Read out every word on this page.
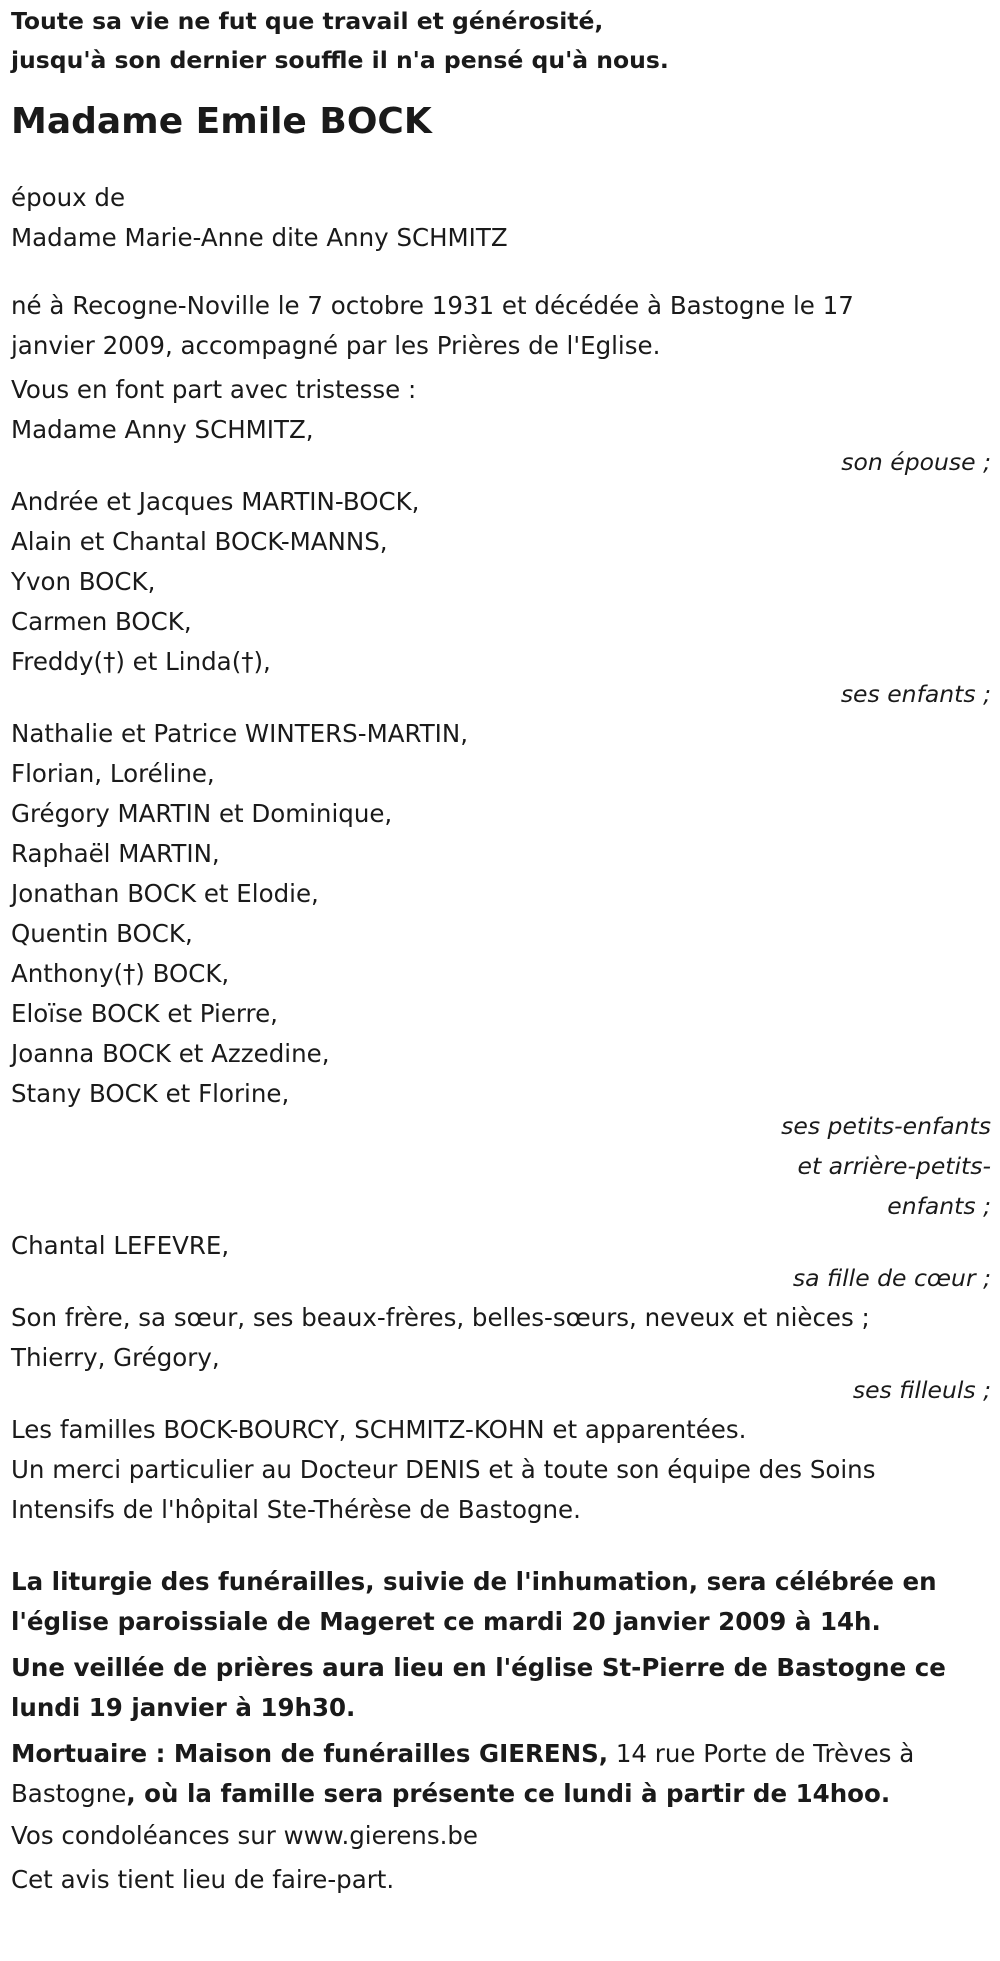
Toute sa vie ne fut que travail et générosité,
jusqu'à son dernier souffle il n'a pensé qu'à nous.
Madame Emile BOCK
époux de
Madame Marie-Anne dite Anny SCHMITZ
né à Recogne-Noville le 7 octobre 1931 et décédée à Bastogne le 17
janvier 2009, accompagné par les Prières de l'Eglise.
Vous en font part avec tristesse :
Madame Anny SCHMITZ,
son épouse ;
Andrée et Jacques MARTIN-BOCK,
Alain et Chantal BOCK-MANNS,
Yvon BOCK,
Carmen BOCK,
Freddy(†) et Linda(†),
ses enfants ;
Nathalie et Patrice WINTERS-MARTIN,
Florian, Loréline,
Grégory MARTIN et Dominique,
Raphaël MARTIN,
Jonathan BOCK et Elodie,
Quentin BOCK,
Anthony(†) BOCK,
Eloïse BOCK et Pierre,
Joanna BOCK et Azzedine,
Stany BOCK et Florine,
ses petits-enfants
et arrière-petits-
enfants ;
Chantal LEFEVRE,
sa fille de cœur ;
Son frère, sa sœur, ses beaux-frères, belles-sœurs, neveux et nièces ;
Thierry, Grégory,
ses filleuls ;
Les familles BOCK-BOURCY, SCHMITZ-KOHN et apparentées.
Un merci particulier au Docteur DENIS et à toute son équipe des Soins
Intensifs de l'hôpital Ste-Thérèse de Bastogne.
La liturgie des funérailles, suivie de l'inhumation, sera célébrée en
l'église paroissiale de Mageret ce mardi 20 janvier 2009 à 14h.
Une veillée de prières aura lieu en l'église St-Pierre de Bastogne ce
lundi 19 janvier à 19h30.
Mortuaire : Maison de funérailles GIERENS, 14 rue Porte de Trèves à
Bastogne, où la famille sera présente ce lundi à partir de 14hoo.
Vos condoléances sur www.gierens.be
Cet avis tient lieu de faire-part.
